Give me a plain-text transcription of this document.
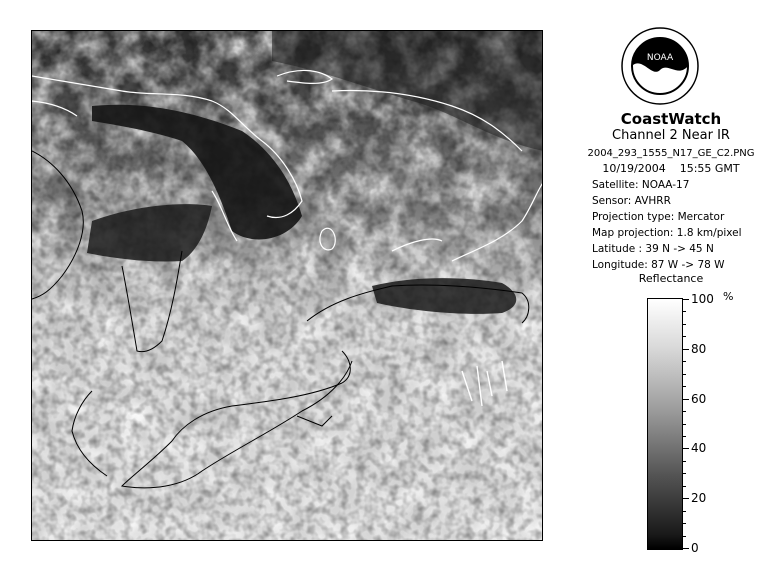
NOAA
CoastWatch
Channel 2 Near IR
2004_293_1555_N17_GE_C2.PNG
10/19/2004    15:55 GMT
Satellite: NOAA-17
Sensor: AVHRR
Projection type: Mercator
Map projection: 1.8 km/pixel
Latitude : 39 N -> 45 N
Longitude: 87 W -> 78 W
Reflectance
%
100
80
60
40
20
0
